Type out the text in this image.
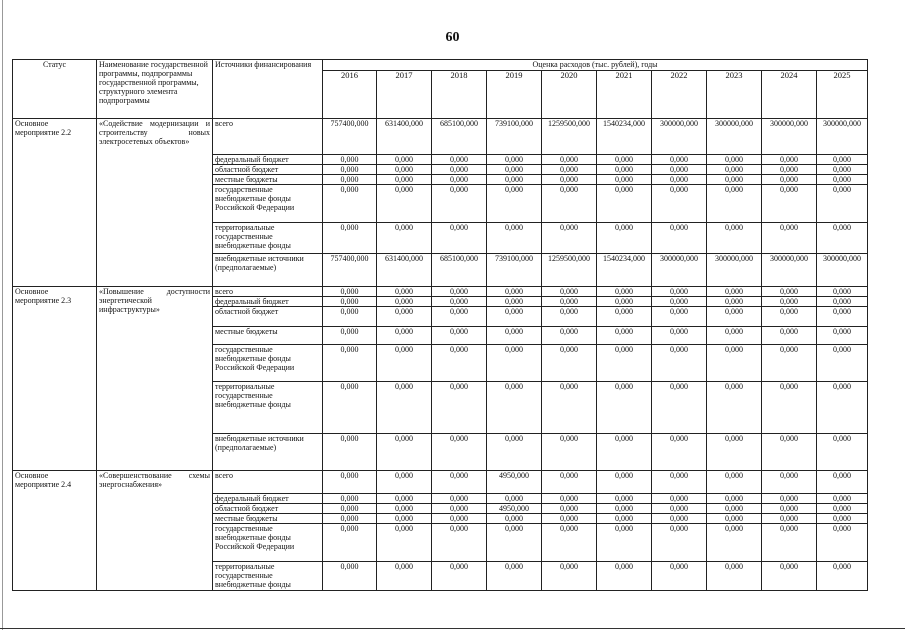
60
Статус	Наименование государственной программы, подпрограммы государственной программы, структурного элемента подпрограммы	Источники финансирования	Оценка расходов (тыс. рублей), годы									
			2016	2017	2018	2019	2020	2021	2022	2023	2024	2025
Основное мероприятие 2.2	«Содействие модернизации и строительству новых электросетевых объектов»	всего	757400,000	631400,000	685100,000	739100,000	1259500,000	1540234,000	300000,000	300000,000	300000,000	300000,000
		федеральный бюджет	0,000	0,000	0,000	0,000	0,000	0,000	0,000	0,000	0,000	0,000
		областной бюджет	0,000	0,000	0,000	0,000	0,000	0,000	0,000	0,000	0,000	0,000
		местные бюджеты	0,000	0,000	0,000	0,000	0,000	0,000	0,000	0,000	0,000	0,000
		государственные внебюджетные фонды Российской Федерации	0,000	0,000	0,000	0,000	0,000	0,000	0,000	0,000	0,000	0,000
		территориальные государственные внебюджетные фонды	0,000	0,000	0,000	0,000	0,000	0,000	0,000	0,000	0,000	0,000
		внебюджетные источники (предполагаемые)	757400,000	631400,000	685100,000	739100,000	1259500,000	1540234,000	300000,000	300000,000	300000,000	300000,000
Основное мероприятие 2.3	«Повышение доступности энергетической инфраструктуры»	всего	0,000	0,000	0,000	0,000	0,000	0,000	0,000	0,000	0,000	0,000
		федеральный бюджет	0,000	0,000	0,000	0,000	0,000	0,000	0,000	0,000	0,000	0,000
		областной бюджет	0,000	0,000	0,000	0,000	0,000	0,000	0,000	0,000	0,000	0,000
		местные бюджеты	0,000	0,000	0,000	0,000	0,000	0,000	0,000	0,000	0,000	0,000
		государственные внебюджетные фонды Российской Федерации	0,000	0,000	0,000	0,000	0,000	0,000	0,000	0,000	0,000	0,000
		территориальные государственные внебюджетные фонды	0,000	0,000	0,000	0,000	0,000	0,000	0,000	0,000	0,000	0,000
		внебюджетные источники (предполагаемые)	0,000	0,000	0,000	0,000	0,000	0,000	0,000	0,000	0,000	0,000
Основное мероприятие 2.4	«Совершенствование схемы энергоснабжения»	всего	0,000	0,000	0,000	4950,000	0,000	0,000	0,000	0,000	0,000	0,000
		федеральный бюджет	0,000	0,000	0,000	0,000	0,000	0,000	0,000	0,000	0,000	0,000
		областной бюджет	0,000	0,000	0,000	4950,000	0,000	0,000	0,000	0,000	0,000	0,000
		местные бюджеты	0,000	0,000	0,000	0,000	0,000	0,000	0,000	0,000	0,000	0,000
		государственные внебюджетные фонды Российской Федерации	0,000	0,000	0,000	0,000	0,000	0,000	0,000	0,000	0,000	0,000
		территориальные государственные внебюджетные фонды	0,000	0,000	0,000	0,000	0,000	0,000	0,000	0,000	0,000	0,000
